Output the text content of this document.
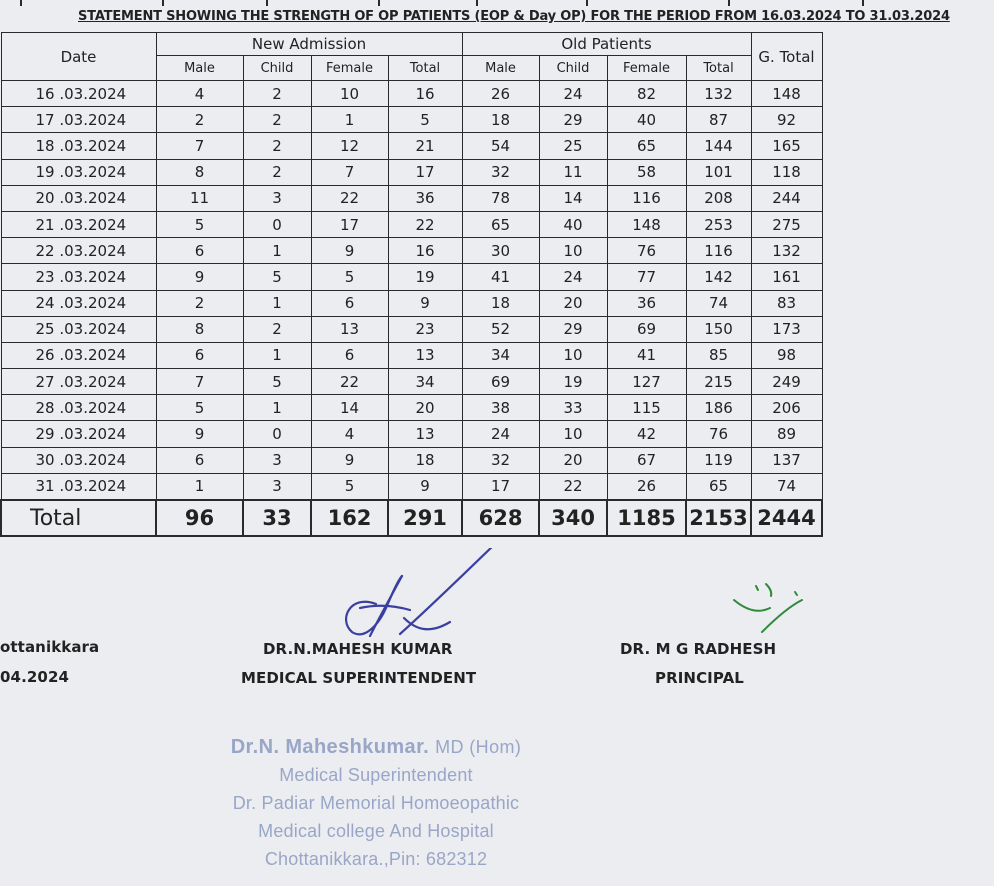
STATEMENT SHOWING THE STRENGTH OF OP PATIENTS (EOP & Day OP) FOR THE PERIOD FROM 16.03.2024 TO 31.03.2024
Date	New Admission				Old Patients				G. Total
	Male	Child	Female	Total	Male	Child	Female	Total	
16 .03.2024	4	2	10	16	26	24	82	132	148
17 .03.2024	2	2	1	5	18	29	40	87	92
18 .03.2024	7	2	12	21	54	25	65	144	165
19 .03.2024	8	2	7	17	32	11	58	101	118
20 .03.2024	11	3	22	36	78	14	116	208	244
21 .03.2024	5	0	17	22	65	40	148	253	275
22 .03.2024	6	1	9	16	30	10	76	116	132
23 .03.2024	9	5	5	19	41	24	77	142	161
24 .03.2024	2	1	6	9	18	20	36	74	83
25 .03.2024	8	2	13	23	52	29	69	150	173
26 .03.2024	6	1	6	13	34	10	41	85	98
27 .03.2024	7	5	22	34	69	19	127	215	249
28 .03.2024	5	1	14	20	38	33	115	186	206
29 .03.2024	9	0	4	13	24	10	42	76	89
30 .03.2024	6	3	9	18	32	20	67	119	137
31 .03.2024	1	3	5	9	17	22	26	65	74
Total	96	33	162	291	628	340	1185	2153	2444
ottanikkara
04.2024
DR.N.MAHESH KUMAR
MEDICAL SUPERINTENDENT
DR. M G RADHESH
PRINCIPAL
Dr.N. Maheshkumar. MD (Hom)
Medical Superintendent
Dr. Padiar Memorial Homoeopathic
Medical college And Hospital
Chottanikkara.,Pin: 682312
